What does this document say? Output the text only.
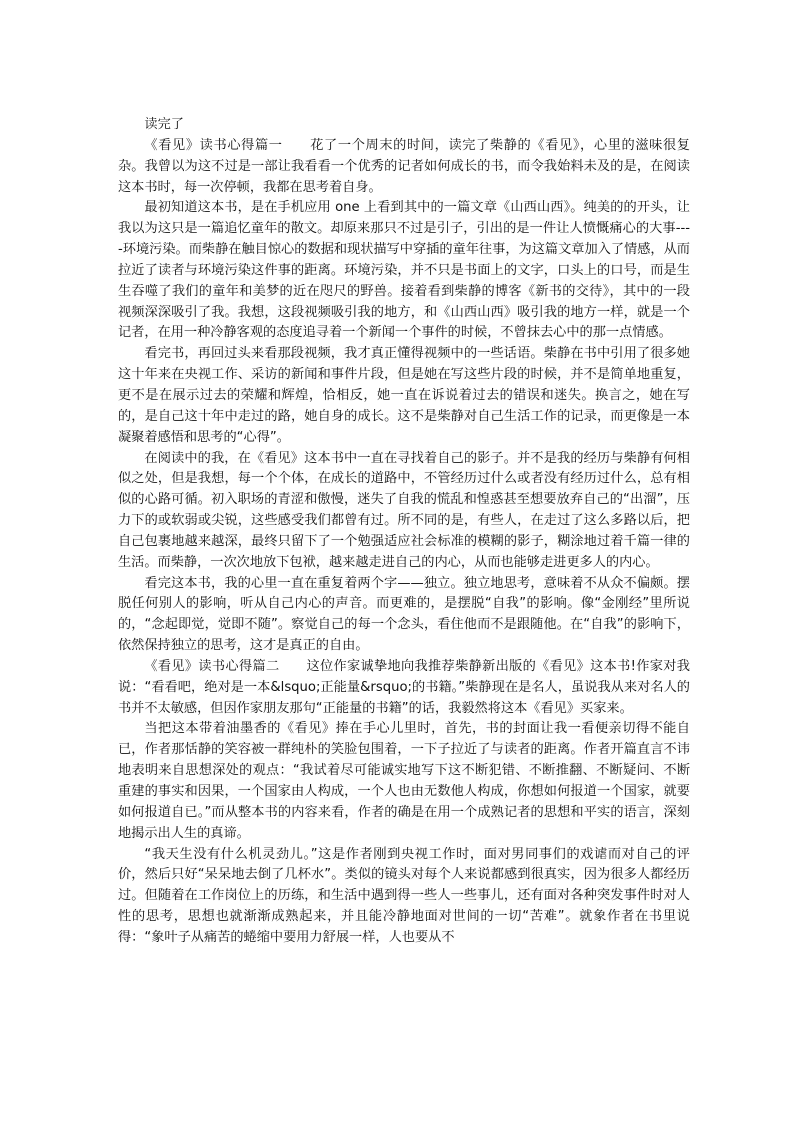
读完了

《看见》读书心得篇一　　花了一个周末的时间，读完了柴静的《看见》，心里的滋味很复杂。我曾以为这不过是一部让我看看一个优秀的记者如何成长的书，而令我始料未及的是，在阅读这本书时，每一次停顿，我都在思考着自身。

最初知道这本书，是在手机应用 one 上看到其中的一篇文章《山西山西》。纯美的的开头，让我以为这只是一篇追忆童年的散文。却原来那只不过是引子，引出的是一件让人愤慨痛心的大事----环境污染。而柴静在触目惊心的数据和现状描写中穿插的童年往事，为这篇文章加入了情感，从而拉近了读者与环境污染这件事的距离。环境污染，并不只是书面上的文字，口头上的口号，而是生生吞噬了我们的童年和美梦的近在咫尺的野兽。接着看到柴静的博客《新书的交待》，其中的一段视频深深吸引了我。我想，这段视频吸引我的地方，和《山西山西》吸引我的地方一样，就是一个记者，在用一种冷静客观的态度追寻着一个新闻一个事件的时候，不曾抹去心中的那一点情感。

看完书，再回过头来看那段视频，我才真正懂得视频中的一些话语。柴静在书中引用了很多她这十年来在央视工作、采访的新闻和事件片段，但是她在写这些片段的时候，并不是简单地重复，更不是在展示过去的荣耀和辉煌，恰相反，她一直在诉说着过去的错误和迷失。换言之，她在写的，是自己这十年中走过的路，她自身的成长。这不是柴静对自己生活工作的记录，而更像是一本凝聚着感悟和思考的“心得”。

在阅读中的我，在《看见》这本书中一直在寻找着自己的影子。并不是我的经历与柴静有何相似之处，但是我想，每一个个体，在成长的道路中，不管经历过什么或者没有经历过什么，总有相似的心路可循。初入职场的青涩和傲慢，迷失了自我的慌乱和惶惑甚至想要放弃自己的“出溜”，压力下的或软弱或尖锐，这些感受我们都曾有过。所不同的是，有些人，在走过了这么多路以后，把自己包裹地越来越深，最终只留下了一个勉强适应社会标准的模糊的影子，糊涂地过着千篇一律的生活。而柴静，一次次地放下包袱，越来越走进自己的内心，从而也能够走进更多人的内心。

看完这本书，我的心里一直在重复着两个字——独立。独立地思考，意味着不从众不偏颇。摆脱任何别人的影响，听从自己内心的声音。而更难的，是摆脱“自我”的影响。像“金刚经”里所说的，“念起即觉，觉即不随”。察觉自己的每一个念头，看住他而不是跟随他。在“自我”的影响下，依然保持独立的思考，这才是真正的自由。

《看见》读书心得篇二　　这位作家诚挚地向我推荐柴静新出版的《看见》这本书!作家对我说：“看看吧，绝对是一本&lsquo;正能量&rsquo;的书籍。”柴静现在是名人，虽说我从来对名人的书并不太敏感，但因作家朋友那句“正能量的书籍”的话，我毅然将这本《看见》买家来。

当把这本带着油墨香的《看见》捧在手心儿里时，首先，书的封面让我一看便亲切得不能自已，作者那恬静的笑容被一群纯朴的笑脸包围着，一下子拉近了与读者的距离。作者开篇直言不讳地表明来自思想深处的观点：“我试着尽可能诚实地写下这不断犯错、不断推翻、不断疑问、不断重建的事实和因果，一个国家由人构成，一个人也由无数他人构成，你想如何报道一个国家，就要如何报道自已。”而从整本书的内容来看，作者的确是在用一个成熟记者的思想和平实的语言，深刻地揭示出人生的真谛。

“我天生没有什么机灵劲儿。”这是作者刚到央视工作时，面对男同事们的戏谑而对自己的评价，然后只好“呆呆地去倒了几杯水”。类似的镜头对每个人来说都感到很真实，因为很多人都经历过。但随着在工作岗位上的历练，和生活中遇到得一些人一些事儿，还有面对各种突发事件时对人性的思考，思想也就渐渐成熟起来，并且能冷静地面对世间的一切“苦难”。就象作者在书里说得：“象叶子从痛苦的蜷缩中要用力舒展一样，人也要从不
